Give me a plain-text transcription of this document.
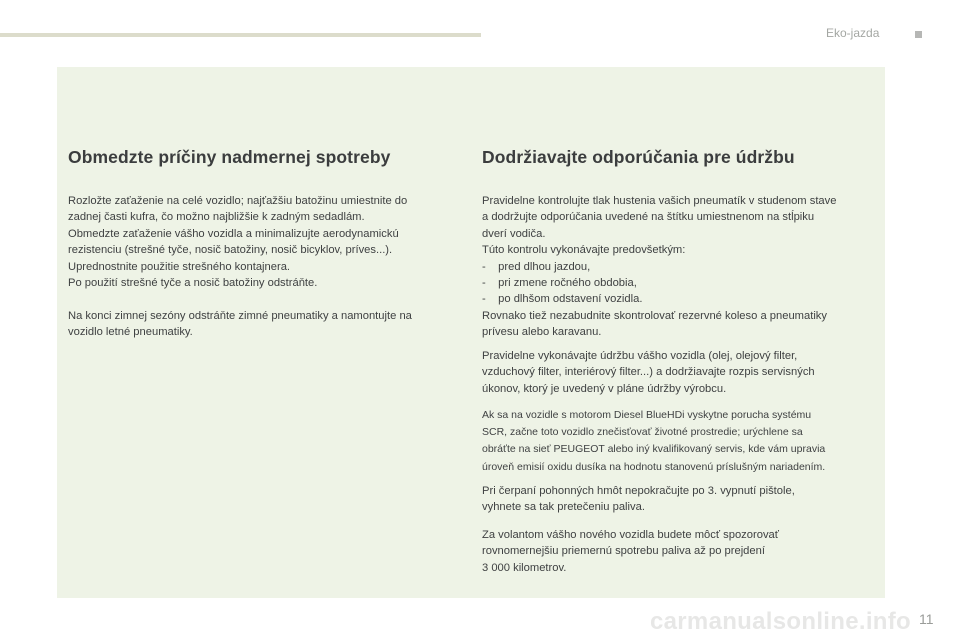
Eko-jazda
Obmedzte príčiny nadmernej spotreby

Rozložte zaťaženie na celé vozidlo; najťažšiu batožinu umiestnite do
zadnej časti kufra, čo možno najbližšie k zadným sedadlám.
Obmedzte zaťaženie vášho vozidla a minimalizujte aerodynamickú
rezistenciu (strešné tyče, nosič batožiny, nosič bicyklov, príves...).
Uprednostnite použitie strešného kontajnera.
Po použití strešné tyče a nosič batožiny odstráňte.

Na konci zimnej sezóny odstráňte zimné pneumatiky a namontujte na
vozidlo letné pneumatiky.

Dodržiavajte odporúčania pre údržbu

Pravidelne kontrolujte tlak hustenia vašich pneumatík v studenom stave
a dodržujte odporúčania uvedené na štítku umiestnenom na stĺpiku
dverí vodiča.
Túto kontrolu vykonávajte predovšetkým:
-    pred dlhou jazdou,
-    pri zmene ročného obdobia,
-    po dlhšom odstavení vozidla.
Rovnako tiež nezabudnite skontrolovať rezervné koleso a pneumatiky
prívesu alebo karavanu.

Pravidelne vykonávajte údržbu vášho vozidla (olej, olejový filter,
vzduchový filter, interiérový filter...) a dodržiavajte rozpis servisných
úkonov, ktorý je uvedený v pláne údržby výrobcu.

Ak sa na vozidle s motorom Diesel BlueHDi vyskytne porucha systému
SCR, začne toto vozidlo znečisťovať životné prostredie; urýchlene sa
obráťte na sieť PEUGEOT alebo iný kvalifikovaný servis, kde vám upravia
úroveň emisií oxidu dusíka na hodnotu stanovenú príslušným nariadením.

Pri čerpaní pohonných hmôt nepokračujte po 3. vypnutí pištole,
vyhnete sa tak pretečeniu paliva.

Za volantom vášho nového vozidla budete môcť spozorovať
rovnomernejšiu priemernú spotrebu paliva až po prejdení
3 000 kilometrov.

carmanualsonline.info 11
